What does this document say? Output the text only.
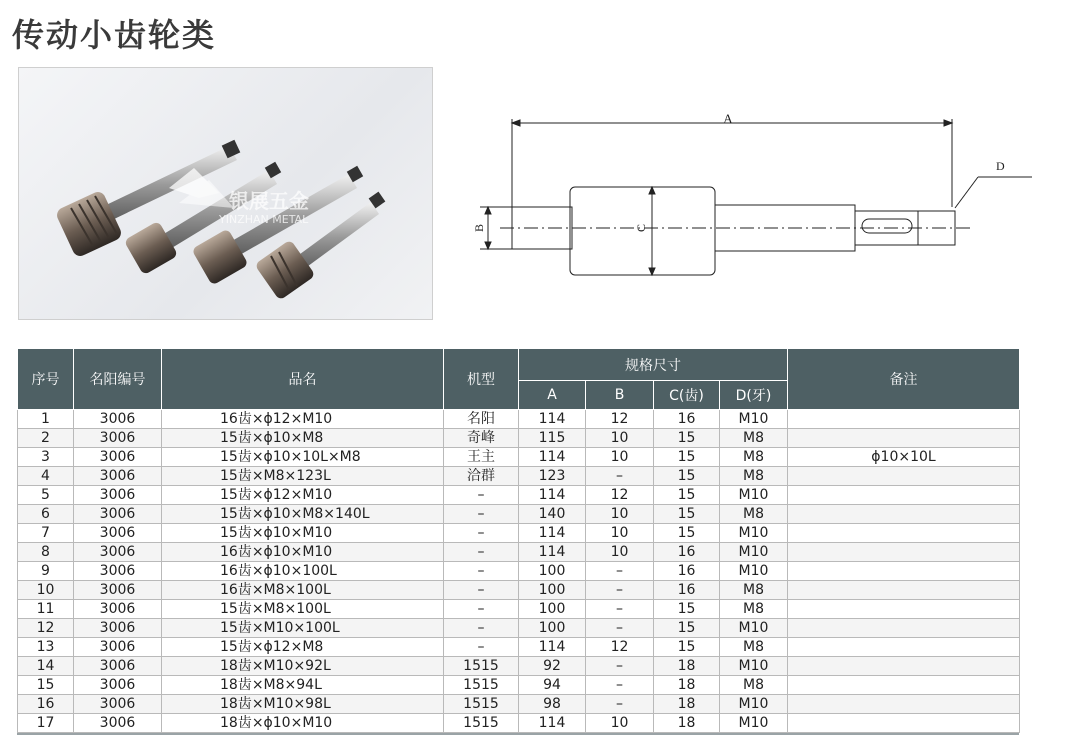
传动小齿轮类
银展五金
YINZHAN METAL
A
B	C
D
序号	名阳编号	品名	机型	规格尺寸				备注
				A	B	C(齿)	D(牙)	
1	3006	16齿×ϕ12×M10	名阳	114	12	16	M10	
2	3006	15齿×ϕ10×M8	奇峰	115	10	15	M8	
3	3006	15齿×ϕ10×10L×M8	王主	114	10	15	M8	ϕ10×10L
4	3006	15齿×M8×123L	洽群	123	–	15	M8	
5	3006	15齿×ϕ12×M10	–	114	12	15	M10	
6	3006	15齿×ϕ10×M8×140L	–	140	10	15	M8	
7	3006	15齿×ϕ10×M10	–	114	10	15	M10	
8	3006	16齿×ϕ10×M10	–	114	10	16	M10	
9	3006	16齿×ϕ10×100L	–	100	–	16	M10	
10	3006	16齿×M8×100L	–	100	–	16	M8	
11	3006	15齿×M8×100L	–	100	–	15	M8	
12	3006	15齿×M10×100L	–	100	–	15	M10	
13	3006	15齿×ϕ12×M8	–	114	12	15	M8	
14	3006	18齿×M10×92L	1515	92	–	18	M10	
15	3006	18齿×M8×94L	1515	94	–	18	M8	
16	3006	18齿×M10×98L	1515	98	–	18	M10	
17	3006	18齿×ϕ10×M10	1515	114	10	18	M10	
